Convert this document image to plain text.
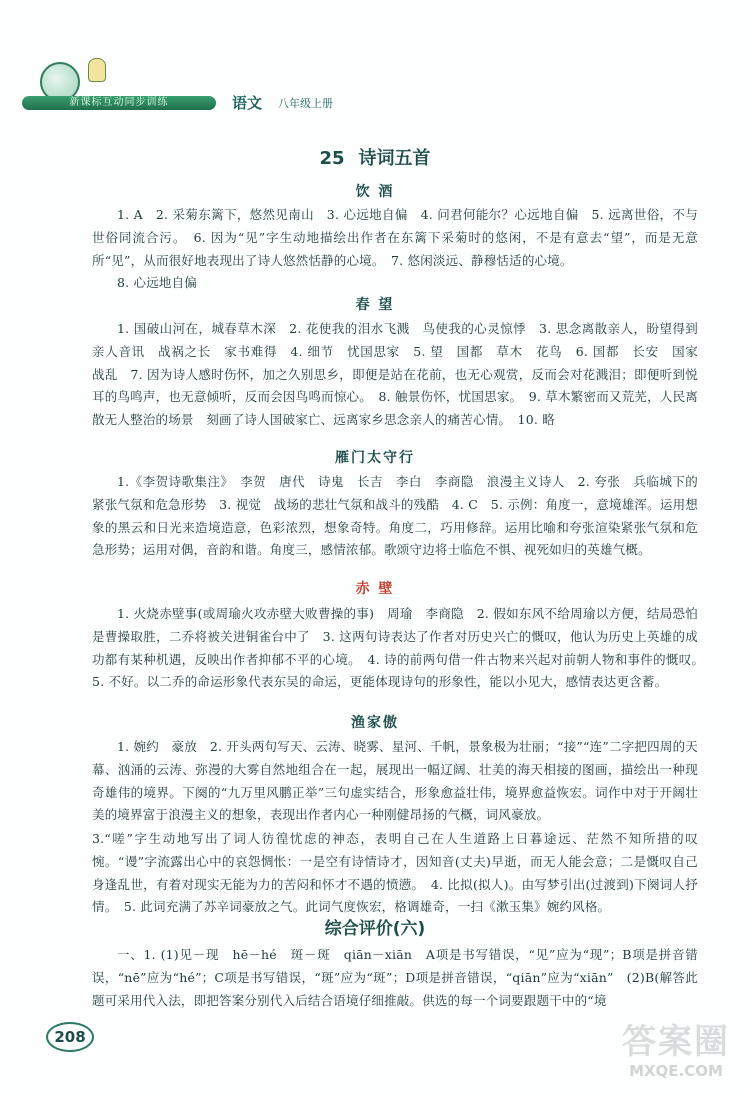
新课标互动同步训练	语文 八年级上册
25 诗词五首
饮 酒
1. A　2. 采菊东篱下，悠然见南山　3. 心远地自偏　4. 问君何能尔？心远地自偏　5. 远离世俗，不与世俗同流合污。　6. 因为“见”字生动地描绘出作者在东篱下采菊时的悠闲，不是有意去“望”，而是无意所“见”，从而很好地表现出了诗人悠然恬静的心境。　7. 悠闲淡远、静穆恬适的心境。
8. 心远地自偏
春 望
1. 国破山河在，城春草木深　2. 花使我的泪水飞溅　鸟使我的心灵惊悸　3. 思念离散亲人，盼望得到亲人音讯　战祸之长　家书难得　4. 细节　忧国思家　5. 望　国都　草木　花鸟　6. 国都　长安　国家　战乱　7. 因为诗人感时伤怀，加之久别思乡，即便是站在花前，也无心观赏，反而会对花溅泪；即便听到悦耳的鸟鸣声，也无意倾听，反而会因鸟鸣而惊心。　8. 触景伤怀，忧国思家。　9. 草木繁密而又荒芜，人民离散无人整治的场景　刻画了诗人国破家亡、远离家乡思念亲人的痛苦心情。　10. 略
雁门太守行
1.《李贺诗歌集注》　李贺　唐代　诗鬼　长吉　李白　李商隐　浪漫主义诗人　2. 夸张　兵临城下的紧张气氛和危急形势　3. 视觉　战场的悲壮气氛和战斗的残酷　4. C　5. 示例：角度一，意境雄浑。运用想象的黑云和日光来造境造意，色彩浓烈，想象奇特。角度二，巧用修辞。运用比喻和夸张渲染紧张气氛和危急形势；运用对偶，音韵和谐。角度三，感情浓郁。歌颂守边将士临危不惧、视死如归的英雄气概。
赤 壁
1. 火烧赤壁事(或周瑜火攻赤壁大败曹操的事)　周瑜　李商隐　2. 假如东风不给周瑜以方便，结局恐怕是曹操取胜，二乔将被关进铜雀台中了　3. 这两句诗表达了作者对历史兴亡的慨叹，他认为历史上英雄的成功都有某种机遇，反映出作者抑郁不平的心境。　4. 诗的前两句借一件古物来兴起对前朝人物和事件的慨叹。　5. 不好。以二乔的命运形象代表东吴的命运，更能体现诗句的形象性，能以小见大，感情表达更含蓄。
渔家傲
1. 婉约　豪放　2. 开头两句写天、云涛、晓雾、星河、千帆，景象极为壮丽；“接”“连”二字把四周的天幕、汹涌的云涛、弥漫的大雾自然地组合在一起，展现出一幅辽阔、壮美的海天相接的图画，描绘出一种现奇雄伟的境界。下阕的“九万里风鹏正举”三句虚实结合，形象愈益壮伟，境界愈益恢宏。词作中对于开阔壮美的境界富于浪漫主义的想象，表现出作者内心一种刚健昂扬的气概，词风豪放。
3.“嗟”字生动地写出了词人彷徨忧虑的神态，表明自己在人生道路上日暮途远、茫然不知所措的叹惋。“谩”字流露出心中的哀怨惆怅：一是空有诗情诗才，因知音(丈夫)早逝，而无人能会意；二是慨叹自己身逢乱世，有着对现实无能为力的苦闷和怀才不遇的愤懑。　4. 比拟(拟人)。由写梦引出(过渡到)下阕词人抒情。　5. 此词充满了苏辛词豪放之气。此词气度恢宏，格调雄奇，一扫《漱玉集》婉约风格。
综合评价(六)
一、1. (1)见－现　hē－hé　斑－斑　qiān－xiān　A项是书写错误，“见”应为“现”；B项是拼音错误，“nē”应为“hé”；C项是书写错误，“斑”应为“斑”；D项是拼音错误，“qiān”应为“xiān”　(2)B(解答此题可采用代入法，即把答案分别代入后结合语境仔细推敲。供选的每一个词要跟题干中的“境
208	答案圈
MXQE.COM
